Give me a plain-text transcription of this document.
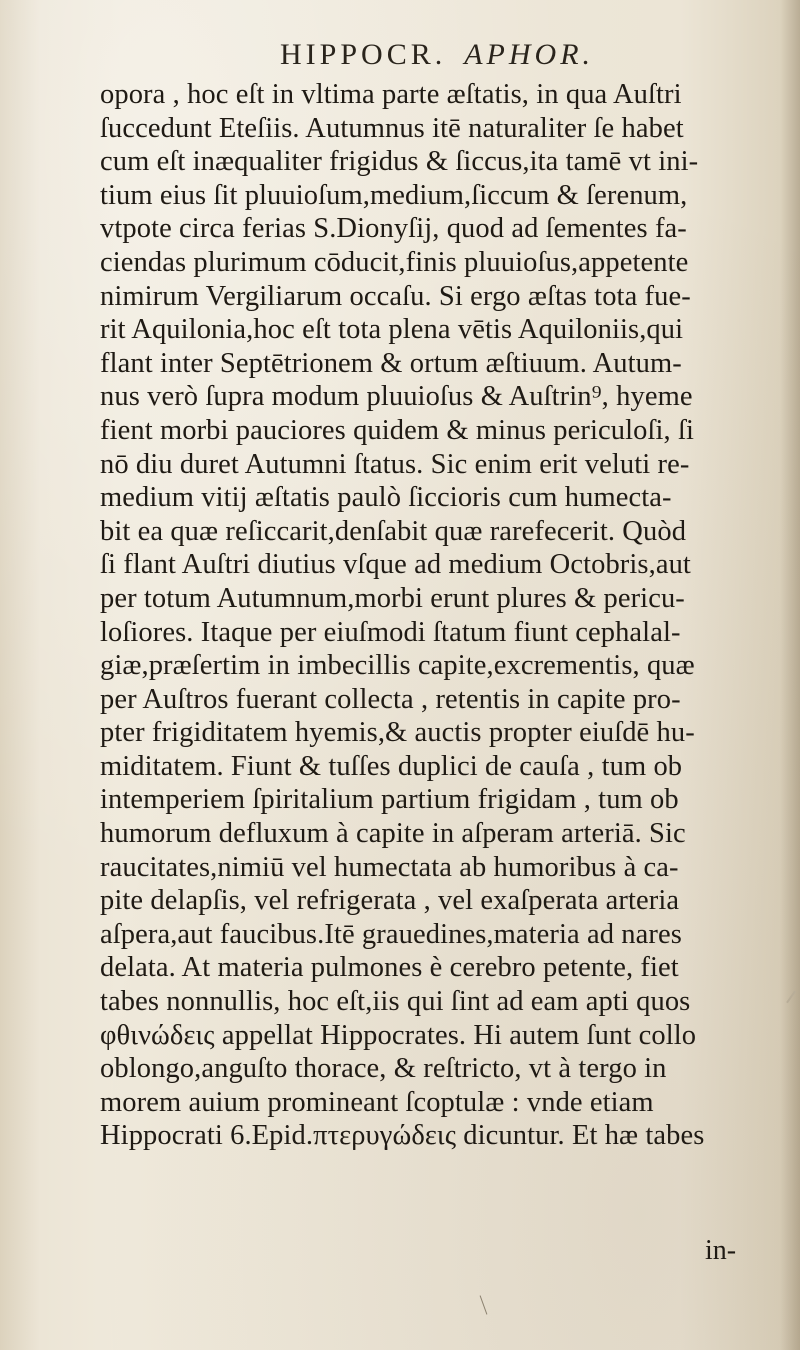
HIPPOCR. APHOR.
opora , hoc eſt in vltima parte æſtatis, in qua Auſtri
ſuccedunt Eteſiis. Autumnus itē naturaliter ſe habet
cum eſt inæqualiter frigidus & ſiccus,ita tamē vt ini-
tium eius ſit pluuioſum,medium,ſiccum & ſerenum,
vtpote circa ferias S.Dionyſij, quod ad ſementes fa-
ciendas plurimum cōducit,finis pluuioſus,appetente
nimirum Vergiliarum occaſu. Si ergo æſtas tota fue-
rit Aquilonia,hoc eſt tota plena vētis Aquiloniis,qui
flant inter Septētrionem & ortum æſtiuum. Autum-
nus verò ſupra modum pluuioſus & Auſtrin⁹, hyeme
fient morbi pauciores quidem & minus periculoſi, ſi
nō diu duret Autumni ſtatus. Sic enim erit veluti re-
medium vitij æſtatis paulò ſiccioris cum humecta-
bit ea quæ reſiccarit,denſabit quæ rarefecerit. Quòd
ſi flant Auſtri diutius vſque ad medium Octobris,aut
per totum Autumnum,morbi erunt plures & pericu-
loſiores. Itaque per eiuſmodi ſtatum fiunt cephalal-
giæ,præſertim in imbecillis capite,excrementis, quæ
per Auſtros fuerant collecta , retentis in capite pro-
pter frigiditatem hyemis,& auctis propter eiuſdē hu-
miditatem. Fiunt & tuſſes duplici de cauſa , tum ob
intemperiem ſpiritalium partium frigidam , tum ob
humorum defluxum à capite in aſperam arteriā. Sic
raucitates,nimiū vel humectata ab humoribus à ca-
pite delapſis, vel refrigerata , vel exaſperata arteria
aſpera,aut faucibus.Itē grauedines,materia ad nares
delata. At materia pulmones è cerebro petente, fiet
tabes nonnullis, hoc eſt,iis qui ſint ad eam apti quos
φθινώδεις appellat Hippocrates. Hi autem ſunt collo
oblongo,anguſto thorace, & reſtricto, vt à tergo in
morem auium promineant ſcoptulæ : vnde etiam
Hippocrati 6.Epid.πτερυγώδεις dicuntur. Et hæ tabes
in-
